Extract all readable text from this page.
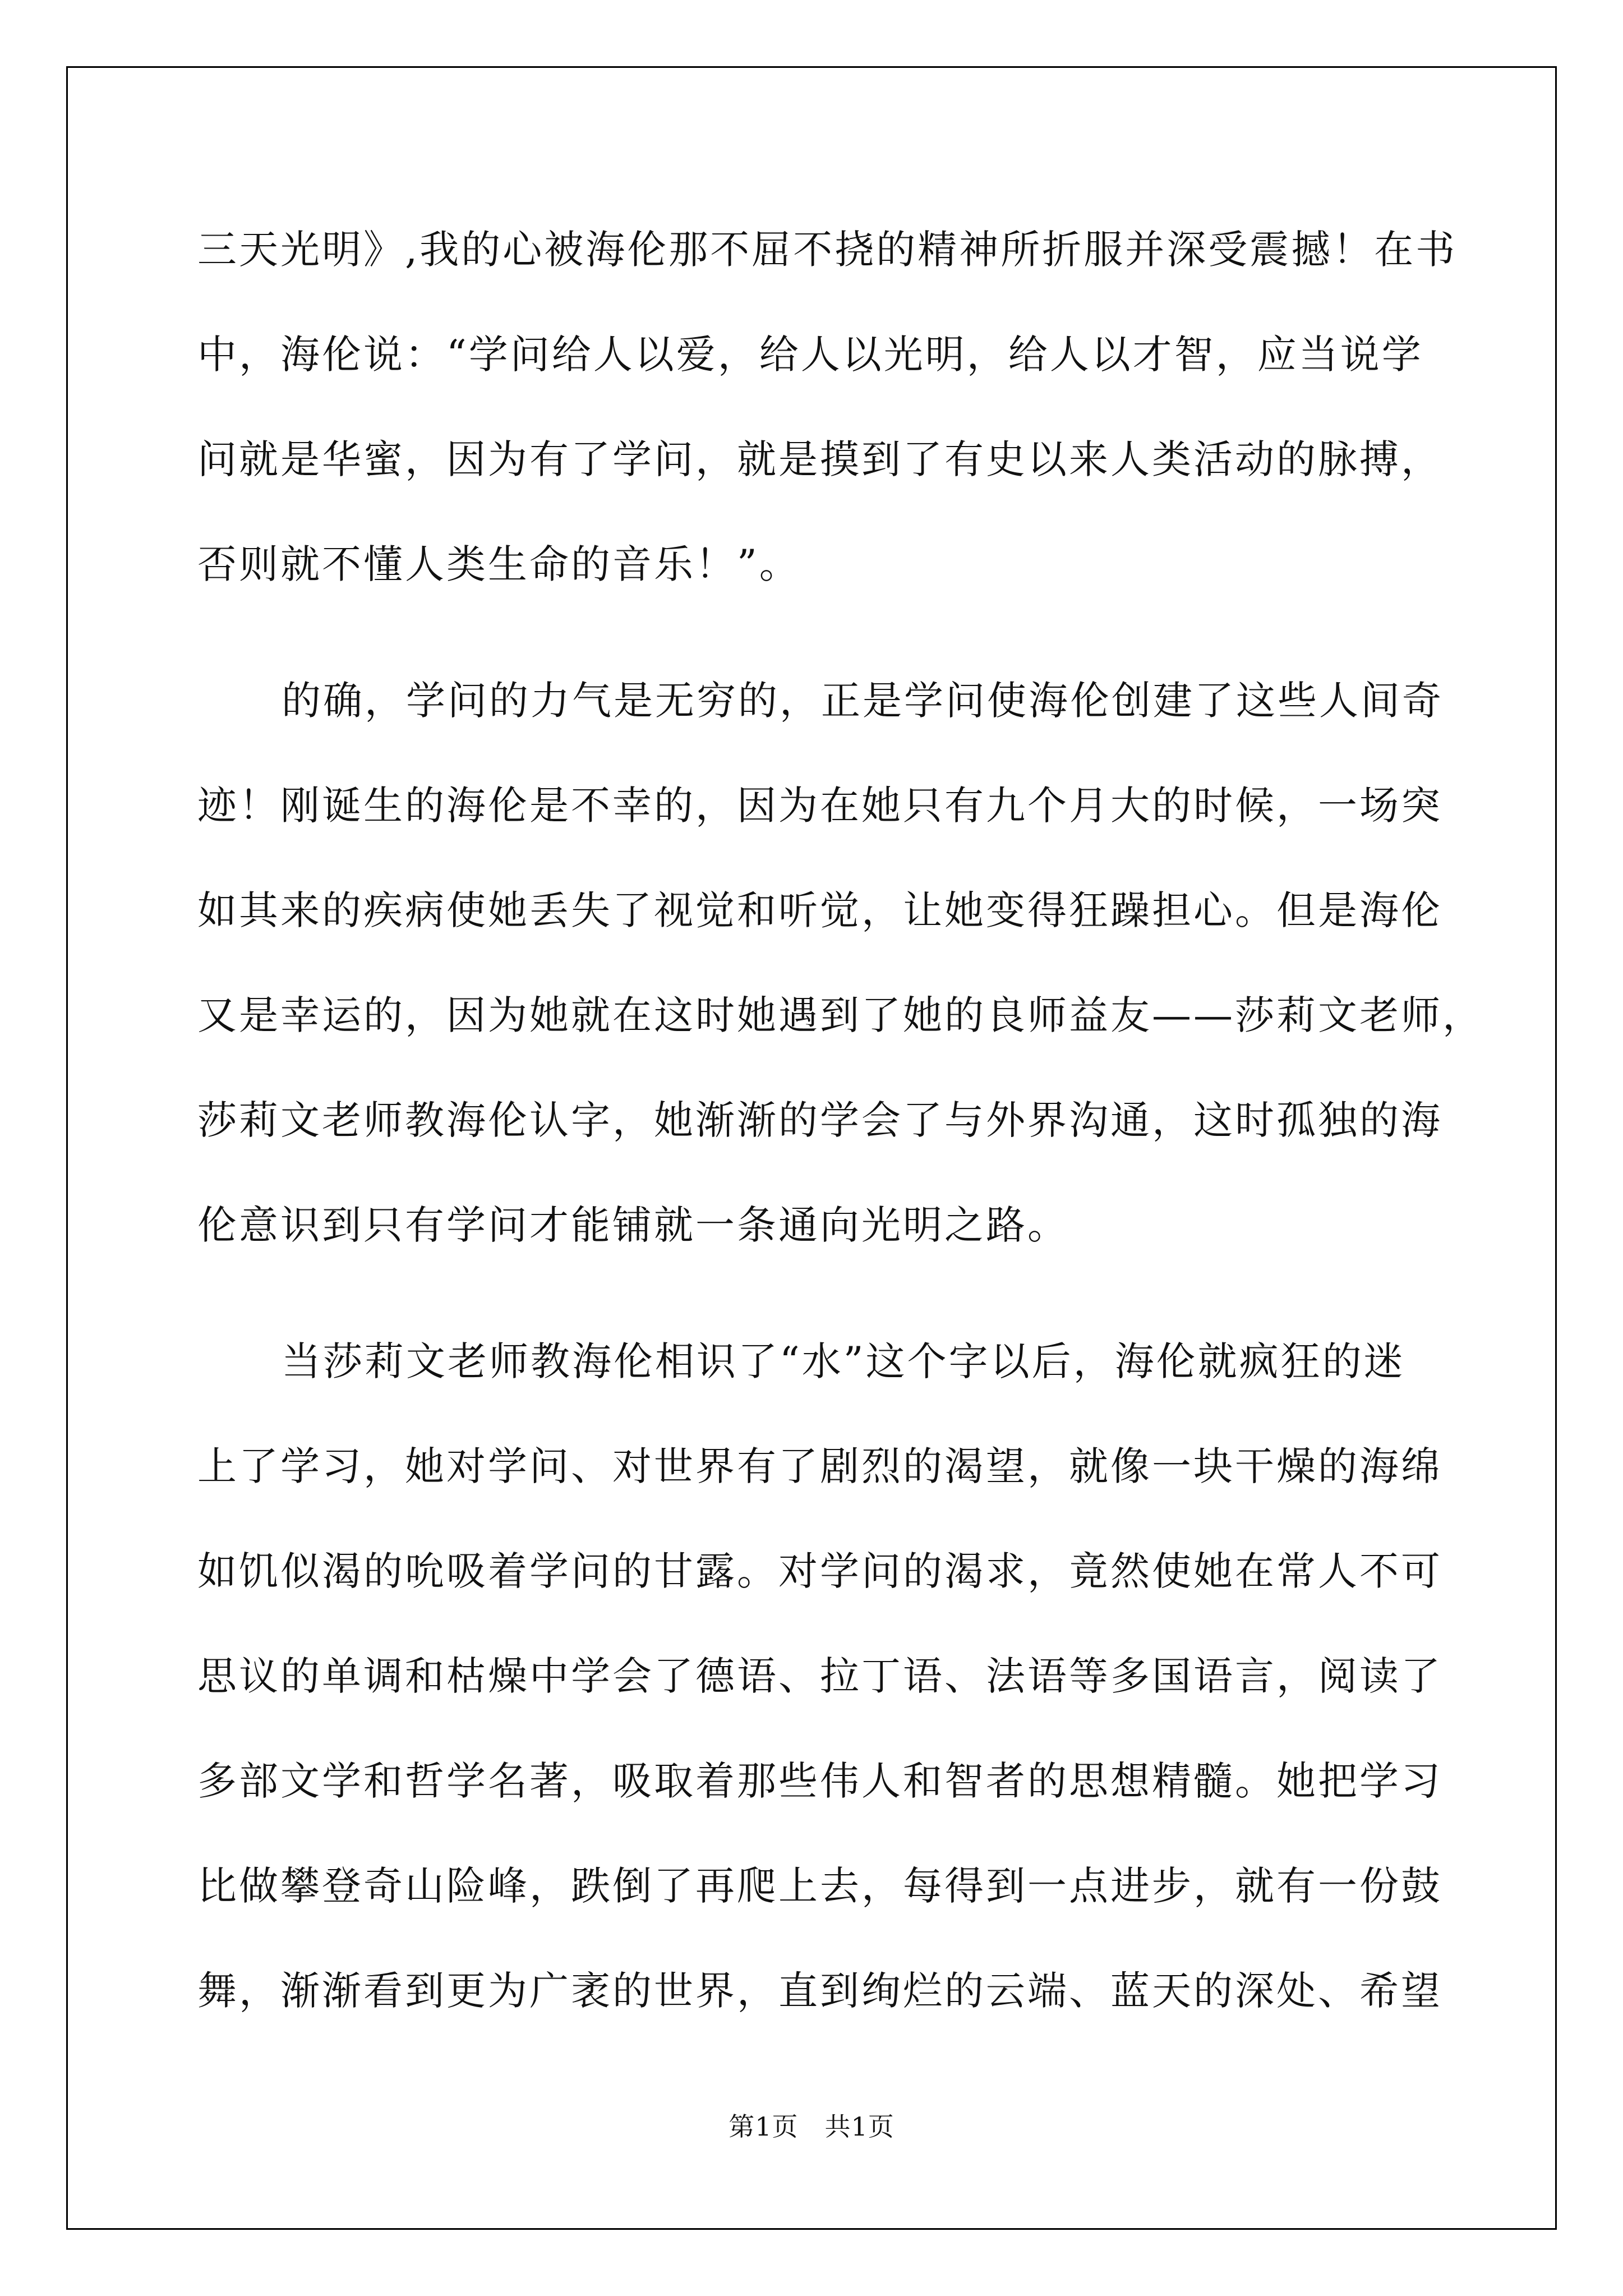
三天光明》,我的心被海伦那不屈不挠的精神所折服并深受震撼！在书
中，海伦说：“学问给人以爱，给人以光明，给人以才智，应当说学
问就是华蜜，因为有了学问，就是摸到了有史以来人类活动的脉搏，
否则就不懂人类生命的音乐！”。
的确，学问的力气是无穷的，正是学问使海伦创建了这些人间奇
迹！刚诞生的海伦是不幸的，因为在她只有九个月大的时候，一场突
如其来的疾病使她丢失了视觉和听觉，让她变得狂躁担心。但是海伦
又是幸运的，因为她就在这时她遇到了她的良师益友——莎莉文老师，
莎莉文老师教海伦认字，她渐渐的学会了与外界沟通，这时孤独的海
伦意识到只有学问才能铺就一条通向光明之路。
当莎莉文老师教海伦相识了“水”这个字以后，海伦就疯狂的迷
上了学习，她对学问、对世界有了剧烈的渴望，就像一块干燥的海绵
如饥似渴的吮吸着学问的甘露。对学问的渴求，竟然使她在常人不可
思议的单调和枯燥中学会了德语、拉丁语、法语等多国语言，阅读了
多部文学和哲学名著，吸取着那些伟人和智者的思想精髓。她把学习
比做攀登奇山险峰，跌倒了再爬上去，每得到一点进步，就有一份鼓
舞，渐渐看到更为广袤的世界，直到绚烂的云端、蓝天的深处、希望
第1页　共1页
